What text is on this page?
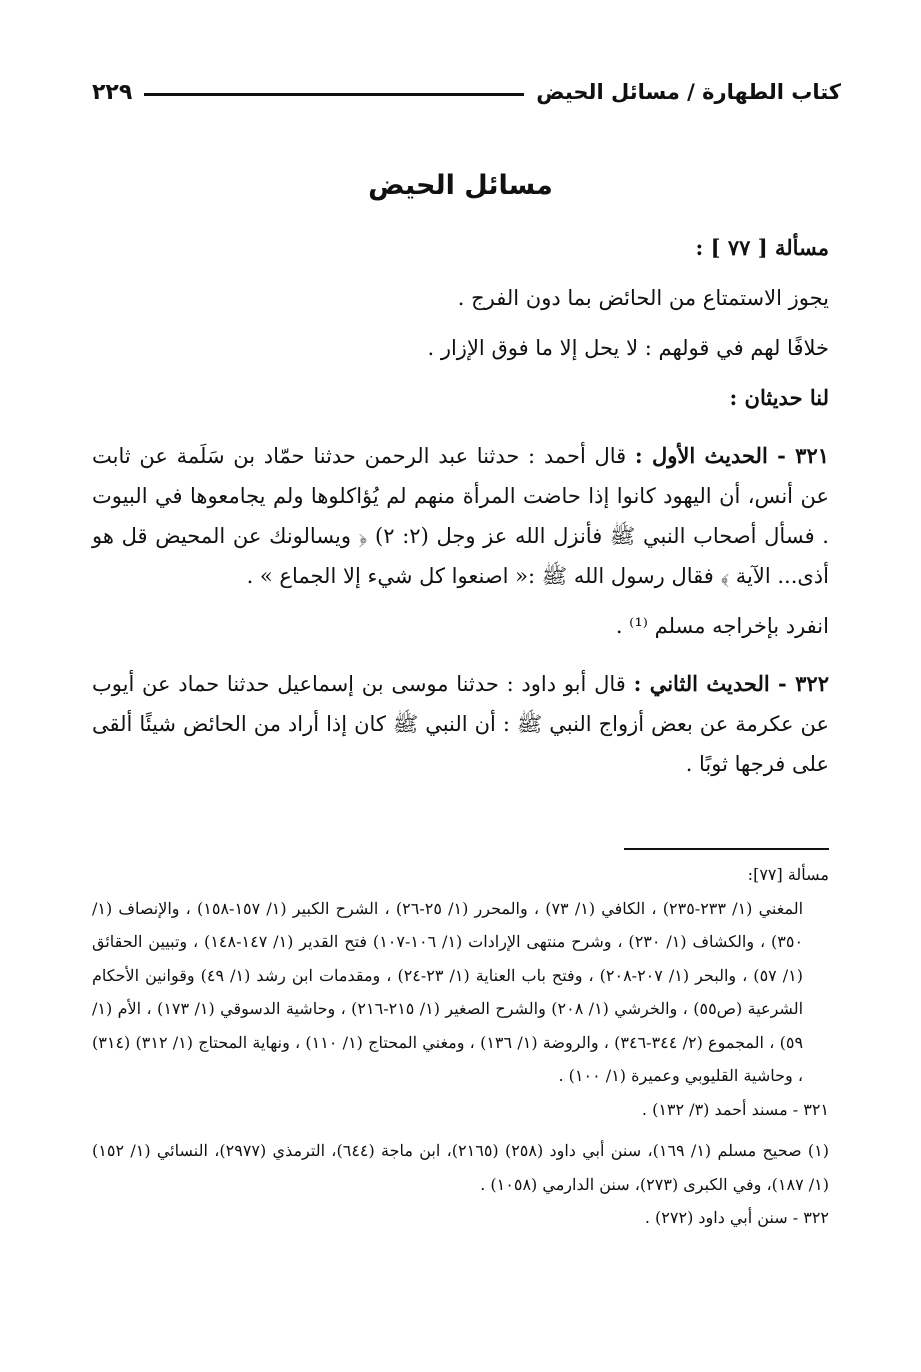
كتاب الطهارة / مسائل الحيض
٢٢٩
مسائل الحيض

مسألة [ ٧٧ ] :

يجوز الاستمتاع من الحائض بما دون الفرج .

خلافًا لهم في قولهم : لا يحل إلا ما فوق الإزار .

لنا حديثان :

٣٢١ - الحديث الأول : قال أحمد : حدثنا عبد الرحمن حدثنا حمّاد بن سَلَمة عن ثابت عن أنس، أن اليهود كانوا إذا حاضت المرأة منهم لم يُؤاكلوها ولم يجامعوها في البيوت . فسأل أصحاب النبي ﷺ فأنزل الله عز وجل (٢: ٢) ﴿ ويسالونك عن المحيض قل هو أذى... الآية ﴾ فقال رسول الله ﷺ :« اصنعوا كل شيء إلا الجماع » .

انفرد بإخراجه مسلم ⁽¹⁾ .

٣٢٢ - الحديث الثاني : قال أبو داود : حدثنا موسى بن إسماعيل حدثنا حماد عن أيوب عن عكرمة عن بعض أزواج النبي ﷺ : أن النبي ﷺ كان إذا أراد من الحائض شيئًا ألقى على فرجها ثوبًا .

مسألة [٧٧]:

المغني (١/ ٢٣٣-٢٣٥) ، الكافي (١/ ٧٣) ، والمحرر (١/ ٢٥-٢٦) ، الشرح الكبير (١/ ١٥٧-١٥٨) ، والإنصاف (١/ ٣٥٠) ، والكشاف (١/ ٢٣٠) ، وشرح منتهى الإرادات (١/ ١٠٦-١٠٧) فتح القدير (١/ ١٤٧-١٤٨) ، وتبيين الحقائق (١/ ٥٧) ، والبحر (١/ ٢٠٧-٢٠٨) ، وفتح باب العناية (١/ ٢٣-٢٤) ، ومقدمات ابن رشد (١/ ٤٩) وقوانين الأحكام الشرعية (ص٥٥) ، والخرشي (١/ ٢٠٨) والشرح الصغير (١/ ٢١٥-٢١٦) ، وحاشية الدسوقي (١/ ١٧٣) ، الأم (١/ ٥٩) ، المجموع (٢/ ٣٤٤-٣٤٦) ، والروضة (١/ ١٣٦) ، ومغني المحتاج (١/ ١١٠) ، ونهاية المحتاج (١/ ٣١٢) (٣١٤) ، وحاشية القليوبي وعميرة (١/ ١٠٠) .

٣٢١ - مسند أحمد (٣/ ١٣٢) .

(١) صحيح مسلم (١/ ١٦٩)، سنن أبي داود (٢٥٨) (٢١٦٥)، ابن ماجة (٦٤٤)، الترمذي (٢٩٧٧)، النسائي (١/ ١٥٢) (١/ ١٨٧)، وفي الكبرى (٢٧٣)، سنن الدارمي (١٠٥٨) .

٣٢٢ - سنن أبي داود (٢٧٢) .
